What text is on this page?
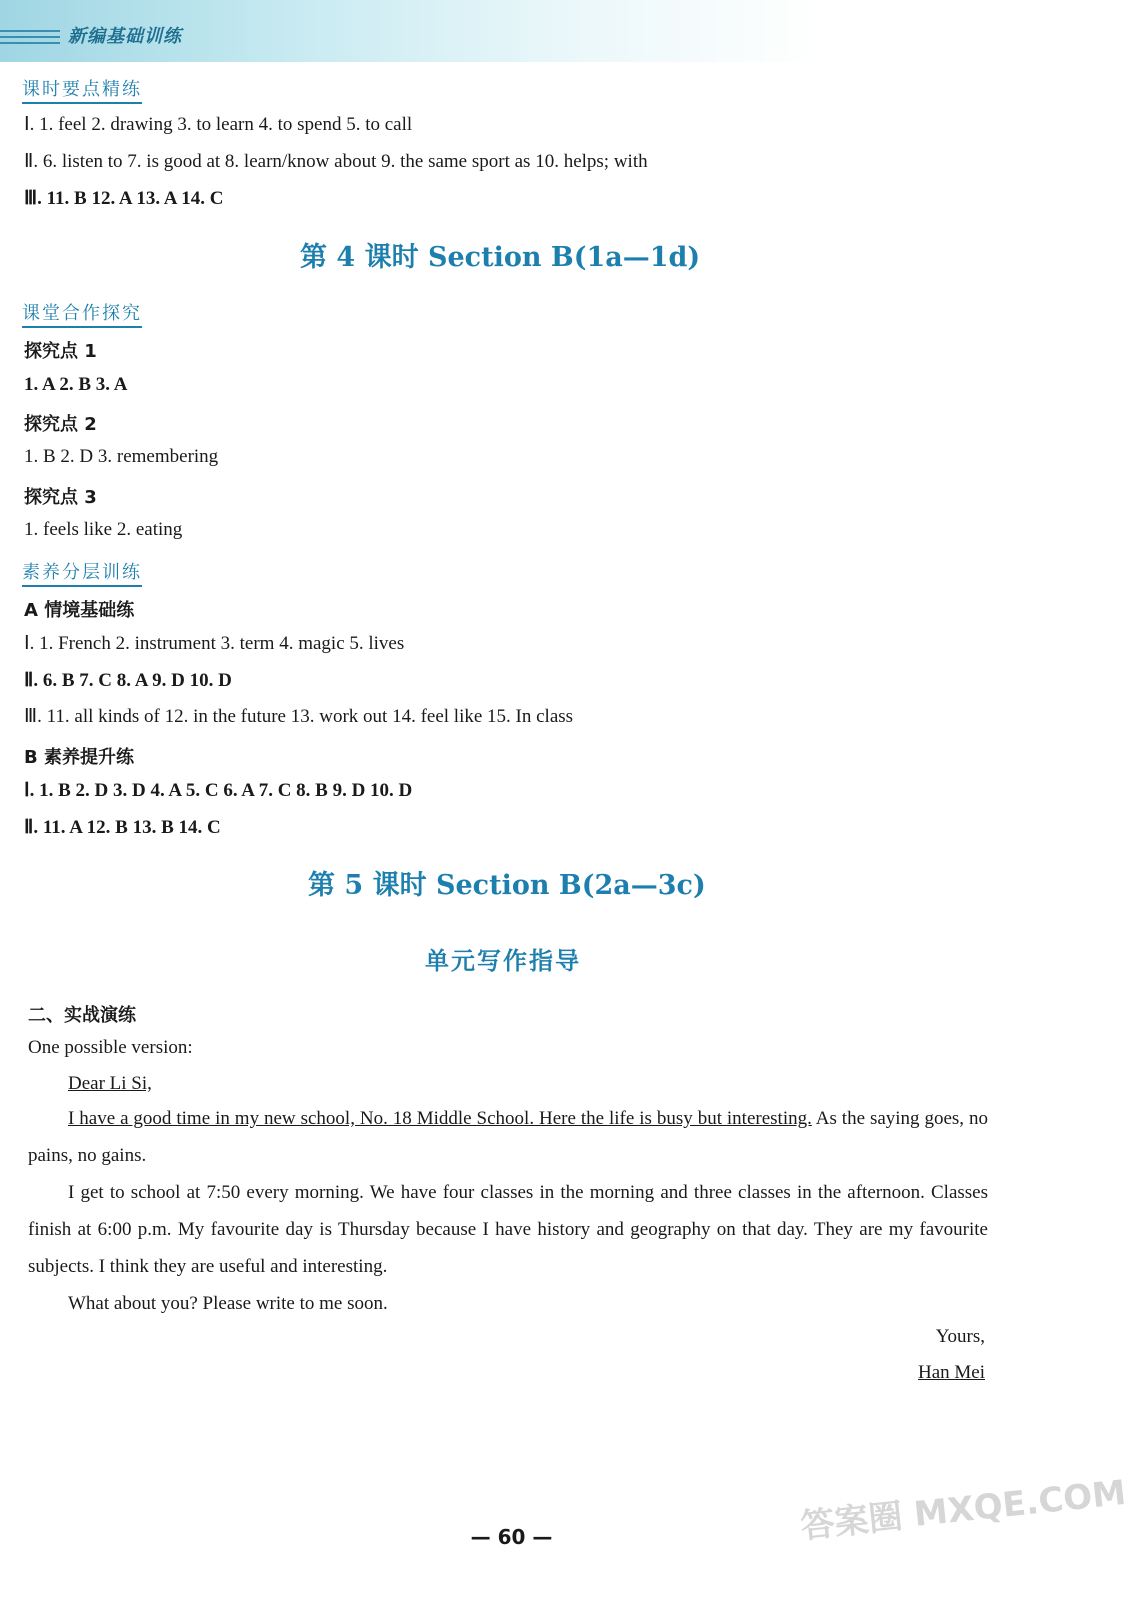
新编基础训练
课时要点精练
Ⅰ. 1. feel 2. drawing 3. to learn 4. to spend 5. to call
Ⅱ. 6. listen to 7. is good at 8. learn/know about 9. the same sport as 10. helps; with
Ⅲ. 11. B 12. A 13. A 14. C
第 4 课时 Section B(1a—1d)
课堂合作探究
探究点 1
1. A 2. B 3. A
探究点 2
1. B 2. D 3. remembering
探究点 3
1. feels like 2. eating
素养分层训练
A 情境基础练
Ⅰ. 1. French 2. instrument 3. term 4. magic 5. lives
Ⅱ. 6. B 7. C 8. A 9. D 10. D
Ⅲ. 11. all kinds of 12. in the future 13. work out 14. feel like 15. In class
B 素养提升练
Ⅰ. 1. B 2. D 3. D 4. A 5. C 6. A 7. C 8. B 9. D 10. D
Ⅱ. 11. A 12. B 13. B 14. C
第 5 课时 Section B(2a—3c)
单元写作指导
二、实战演练
One possible version:
Dear Li Si,
I have a good time in my new school, No. 18 Middle School. Here the life is busy but interesting. As the saying goes, no pains, no gains.
I get to school at 7:50 every morning. We have four classes in the morning and three classes in the afternoon. Classes finish at 6:00 p.m. My favourite day is Thursday because I have history and geography on that day. They are my favourite subjects. I think they are useful and interesting.
What about you? Please write to me soon.
Yours,
Han Mei
— 60 —	答案圈 MXQE.COM
